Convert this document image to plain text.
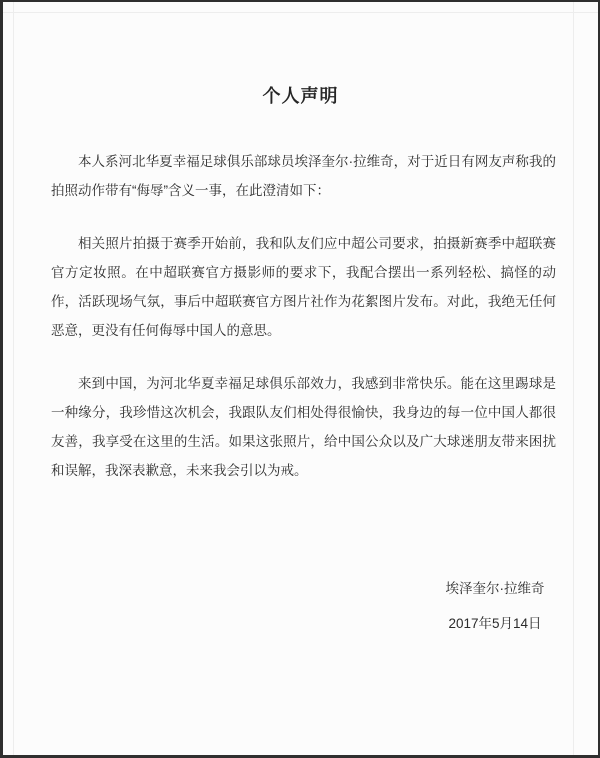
个人声明

本人系河北华夏幸福足球俱乐部球员埃泽奎尔·拉维奇，对于近日有网友声称我的拍照动作带有“侮辱”含义一事，在此澄清如下：

相关照片拍摄于赛季开始前，我和队友们应中超公司要求，拍摄新赛季中超联赛官方定妆照。在中超联赛官方摄影师的要求下，我配合摆出一系列轻松、搞怪的动作，活跃现场气氛，事后中超联赛官方图片社作为花絮图片发布。对此，我绝无任何恶意，更没有任何侮辱中国人的意思。

来到中国，为河北华夏幸福足球俱乐部效力，我感到非常快乐。能在这里踢球是一种缘分，我珍惜这次机会，我跟队友们相处得很愉快，我身边的每一位中国人都很友善，我享受在这里的生活。如果这张照片，给中国公众以及广大球迷朋友带来困扰和误解，我深表歉意，未来我会引以为戒。

埃泽奎尔·拉维奇
2017年5月14日
